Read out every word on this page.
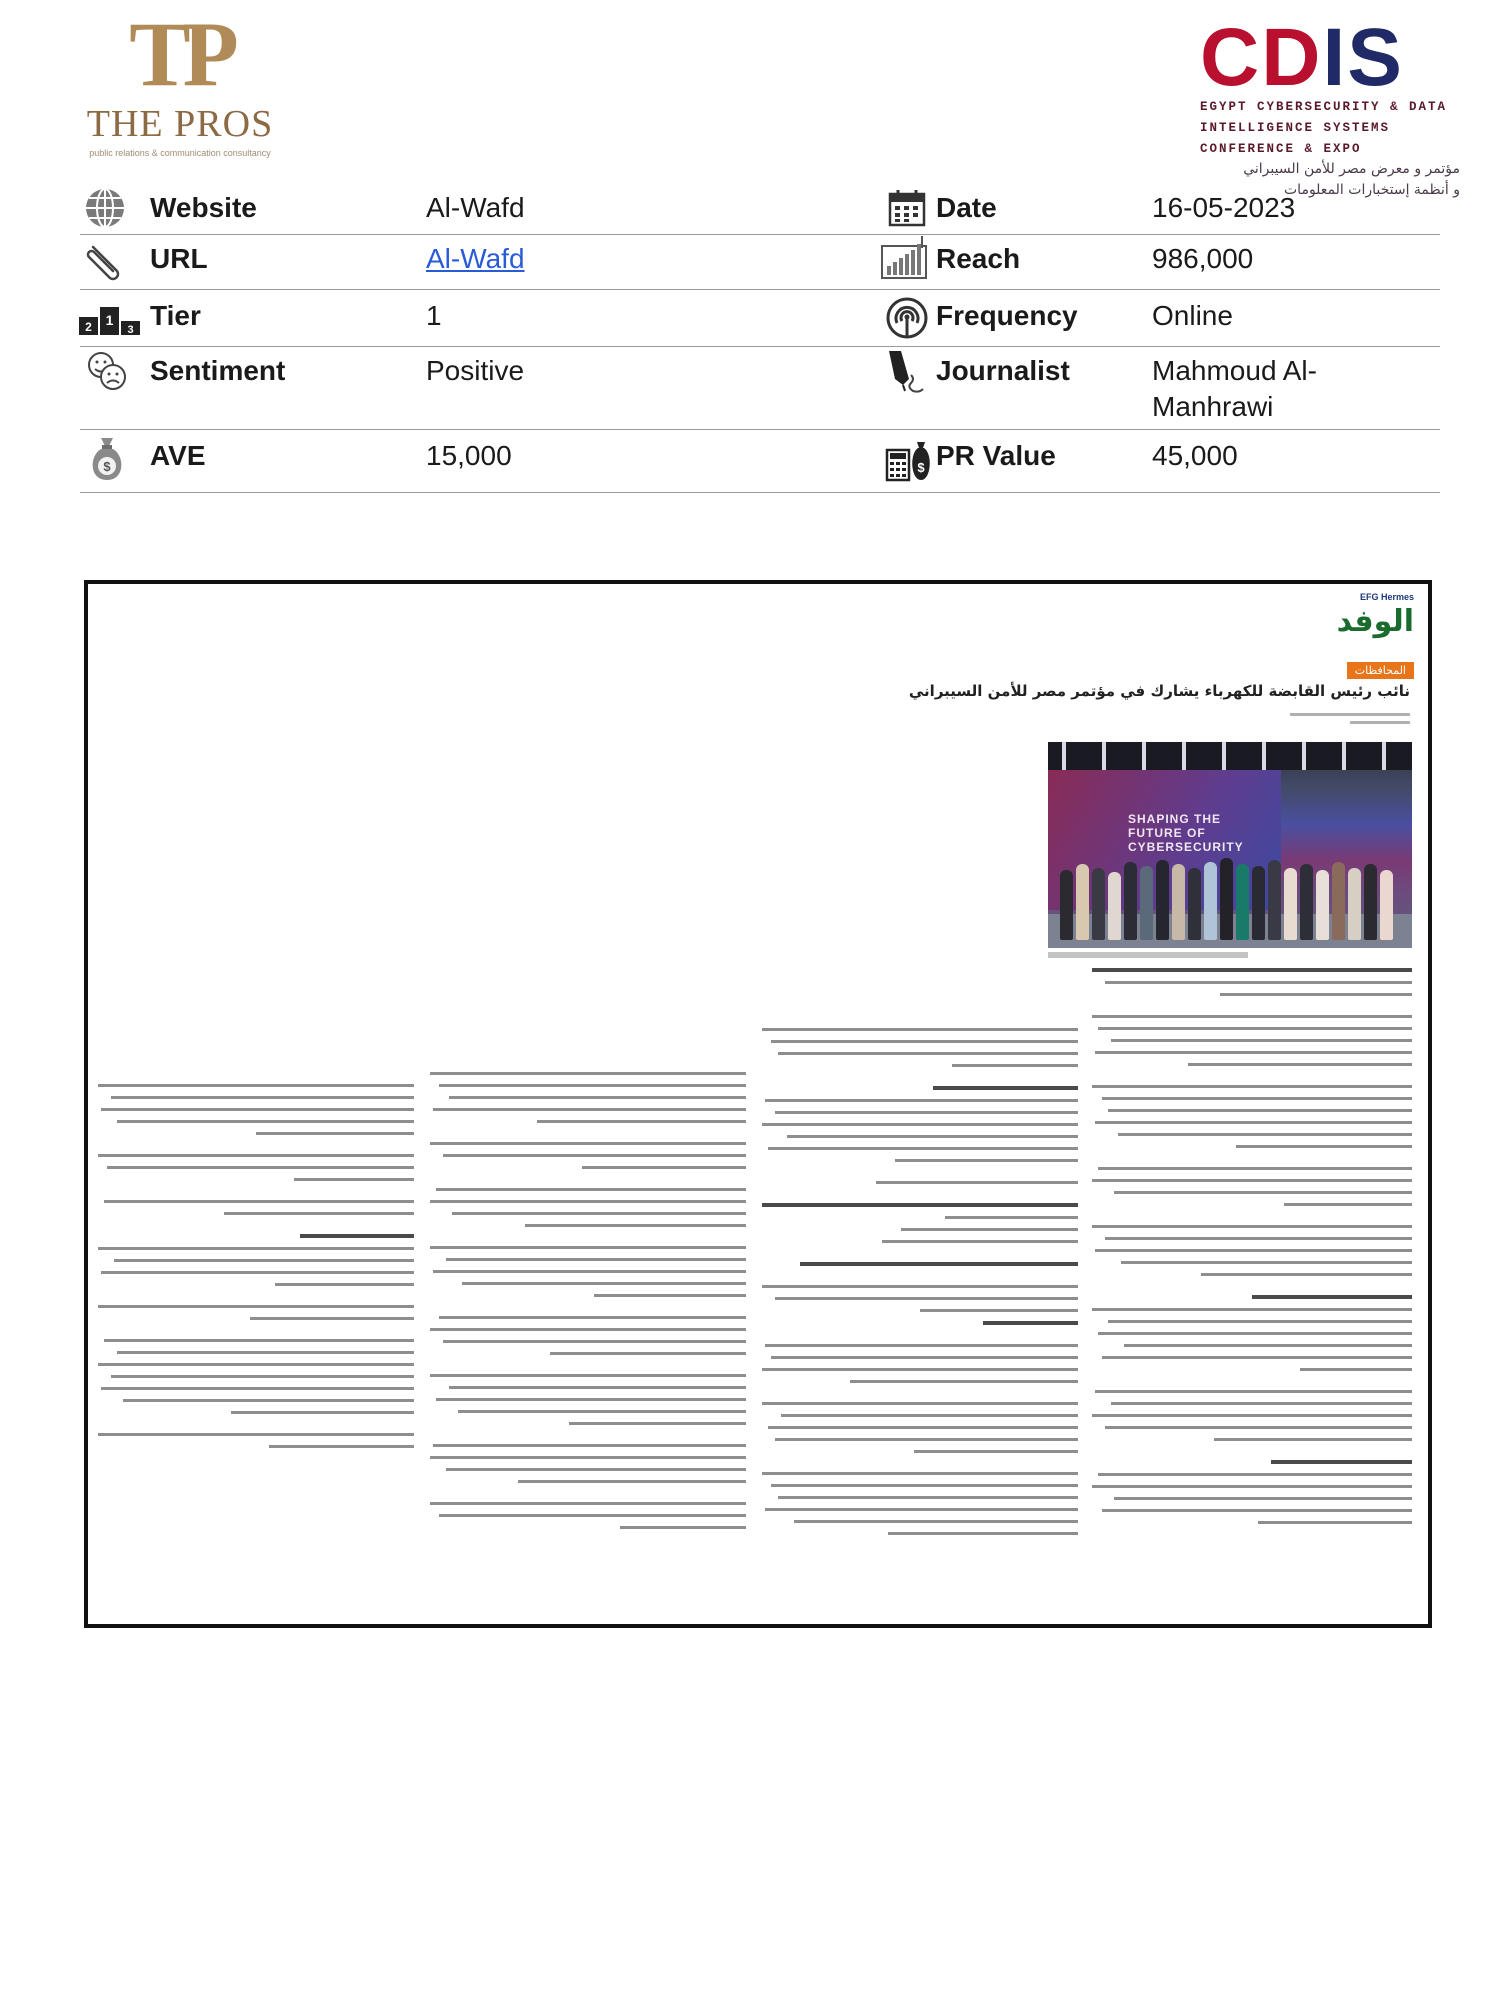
TP
THE PROS
public relations & communication consultancy
CDIS
EGYPT CYBERSECURITY & DATA
INTELLIGENCE SYSTEMS
CONFERENCE & EXPO
مؤتمر و معرض مصر للأمن السيبراني
و أنظمة إستخبارات المعلومات
Website	Al-Wafd	Date	16-05-2023
URL	Al-Wafd	Reach	986,000
2 1
3 Tier	1	Frequency	Online
Sentiment	Positive	Journalist	Mahmoud Al-
Manhrawi
$ AVE	15,000	$ PR Value	45,000
EFG Hermes
الوفد
المحافظات
نائب رئيس القابضة للكهرباء يشارك في مؤتمر مصر للأمن السيبراني
SHAPING THE FUTURE OF CYBERSECURITY
